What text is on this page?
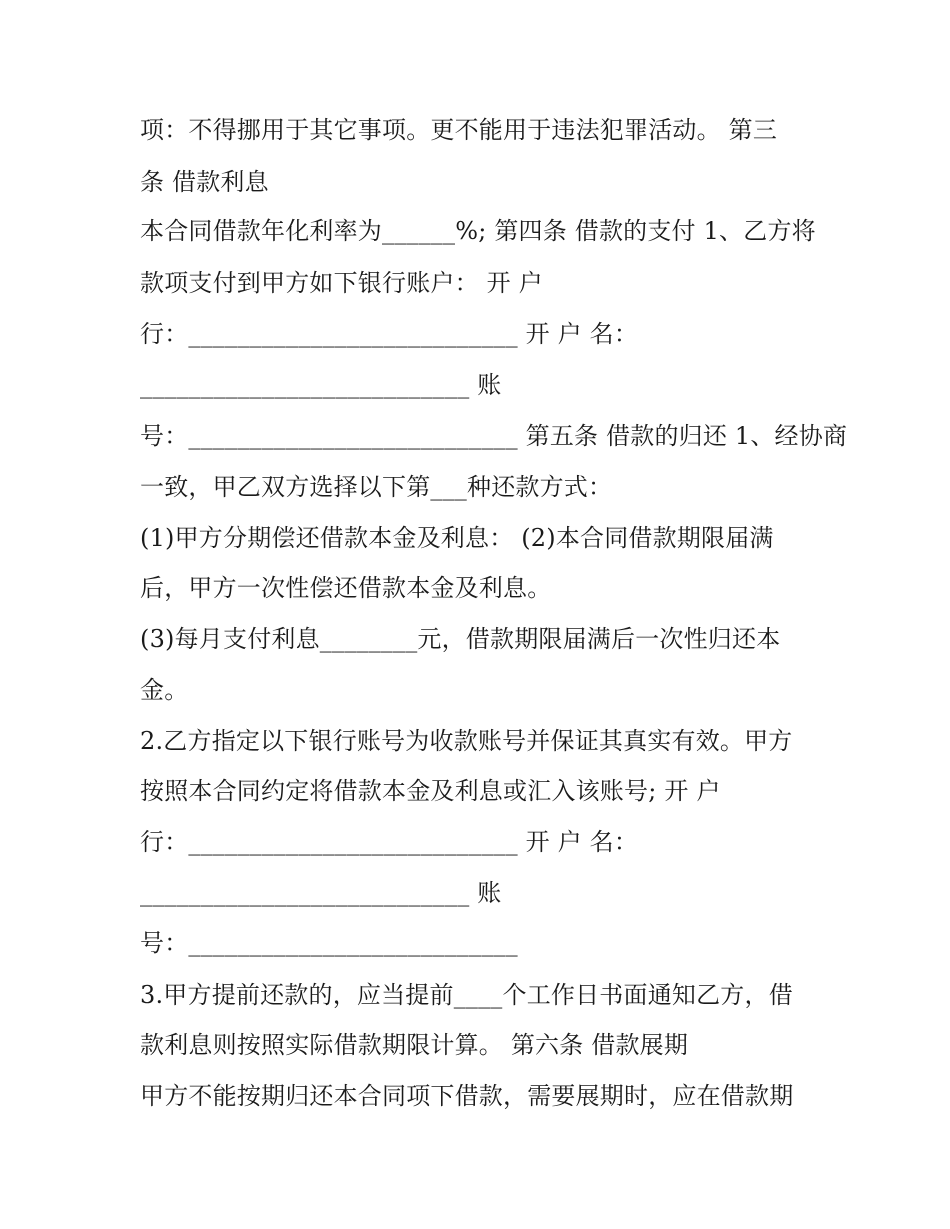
项：不得挪用于其它事项。更不能用于违法犯罪活动。 第三
条 借款利息
本合同借款年化利率为______%; 第四条 借款的支付 1、乙方将
款项支付到甲方如下银行账户： 开 户
行：___________________________ 开 户 名：
___________________________ 账
号：___________________________ 第五条 借款的归还 1、经协商
一致，甲乙双方选择以下第___种还款方式：
(1)甲方分期偿还借款本金及利息： (2)本合同借款期限届满
后，甲方一次性偿还借款本金及利息。
(3)每月支付利息________元，借款期限届满后一次性归还本
金。
2.乙方指定以下银行账号为收款账号并保证其真实有效。甲方
按照本合同约定将借款本金及利息或汇入该账号; 开 户
行：___________________________ 开 户 名：
___________________________ 账
号：___________________________
3.甲方提前还款的，应当提前____个工作日书面通知乙方，借
款利息则按照实际借款期限计算。 第六条 借款展期
甲方不能按期归还本合同项下借款，需要展期时，应在借款期
